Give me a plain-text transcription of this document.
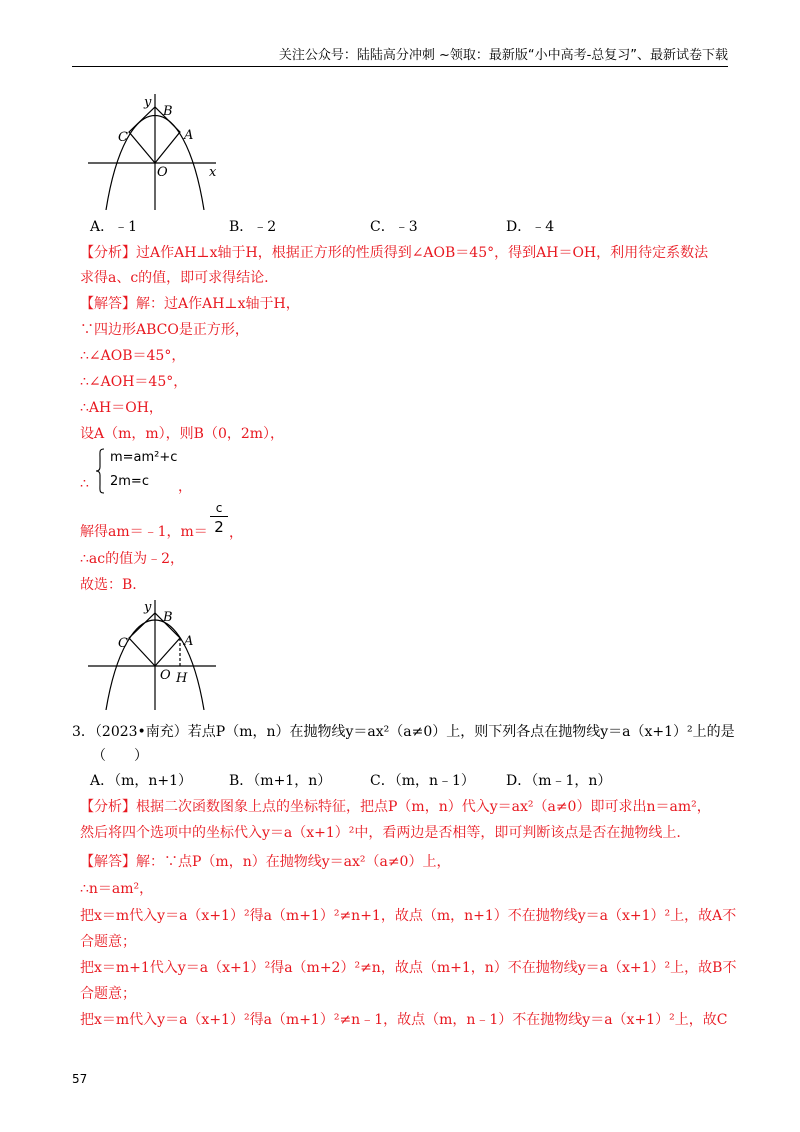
关注公众号：陆陆高分冲刺 ~领取：最新版“小中高考-总复习”、最新试卷下载
y
B
C	A
O	x
A．﹣1	B．﹣2	C．﹣3	D．﹣4
【分析】过A作AH⊥x轴于H，根据正方形的性质得到∠AOB＝45°，得到AH＝OH，利用待定系数法
求得a、c的值，即可求得结论.
【解答】解：过A作AH⊥x轴于H，
∵四边形ABCO是正方形，
∴∠AOB＝45°，
∴∠AOH＝45°，
∴AH＝OH，
设A（m，m），则B（0，2m），
∴
m=am²+c
2m=c ，
解得am＝﹣1，m＝
c
2 ，
∴ac的值为﹣2，
故选：B.
y
B
C	A
O H
3．（2023•南充）若点P（m，n）在抛物线y＝ax²（a≠0）上，则下列各点在抛物线y＝a（x+1）²上的是
（　　）
A．（m，n+1）	B．（m+1，n）	C．（m，n﹣1） D．（m﹣1，n）
【分析】根据二次函数图象上点的坐标特征，把点P（m，n）代入y＝ax²（a≠0）即可求出n＝am²，
然后将四个选项中的坐标代入y＝a（x+1）²中，看两边是否相等，即可判断该点是否在抛物线上.
【解答】解：∵点P（m，n）在抛物线y＝ax²（a≠0）上，
∴n＝am²，
把x＝m代入y＝a（x+1）²得a（m+1）²≠n+1，故点（m，n+1）不在抛物线y＝a（x+1）²上，故A不
合题意；
把x＝m+1代入y＝a（x+1）²得a（m+2）²≠n，故点（m+1，n）不在抛物线y＝a（x+1）²上，故B不
合题意；
把x＝m代入y＝a（x+1）²得a（m+1）²≠n﹣1，故点（m，n﹣1）不在抛物线y＝a（x+1）²上，故C
57
